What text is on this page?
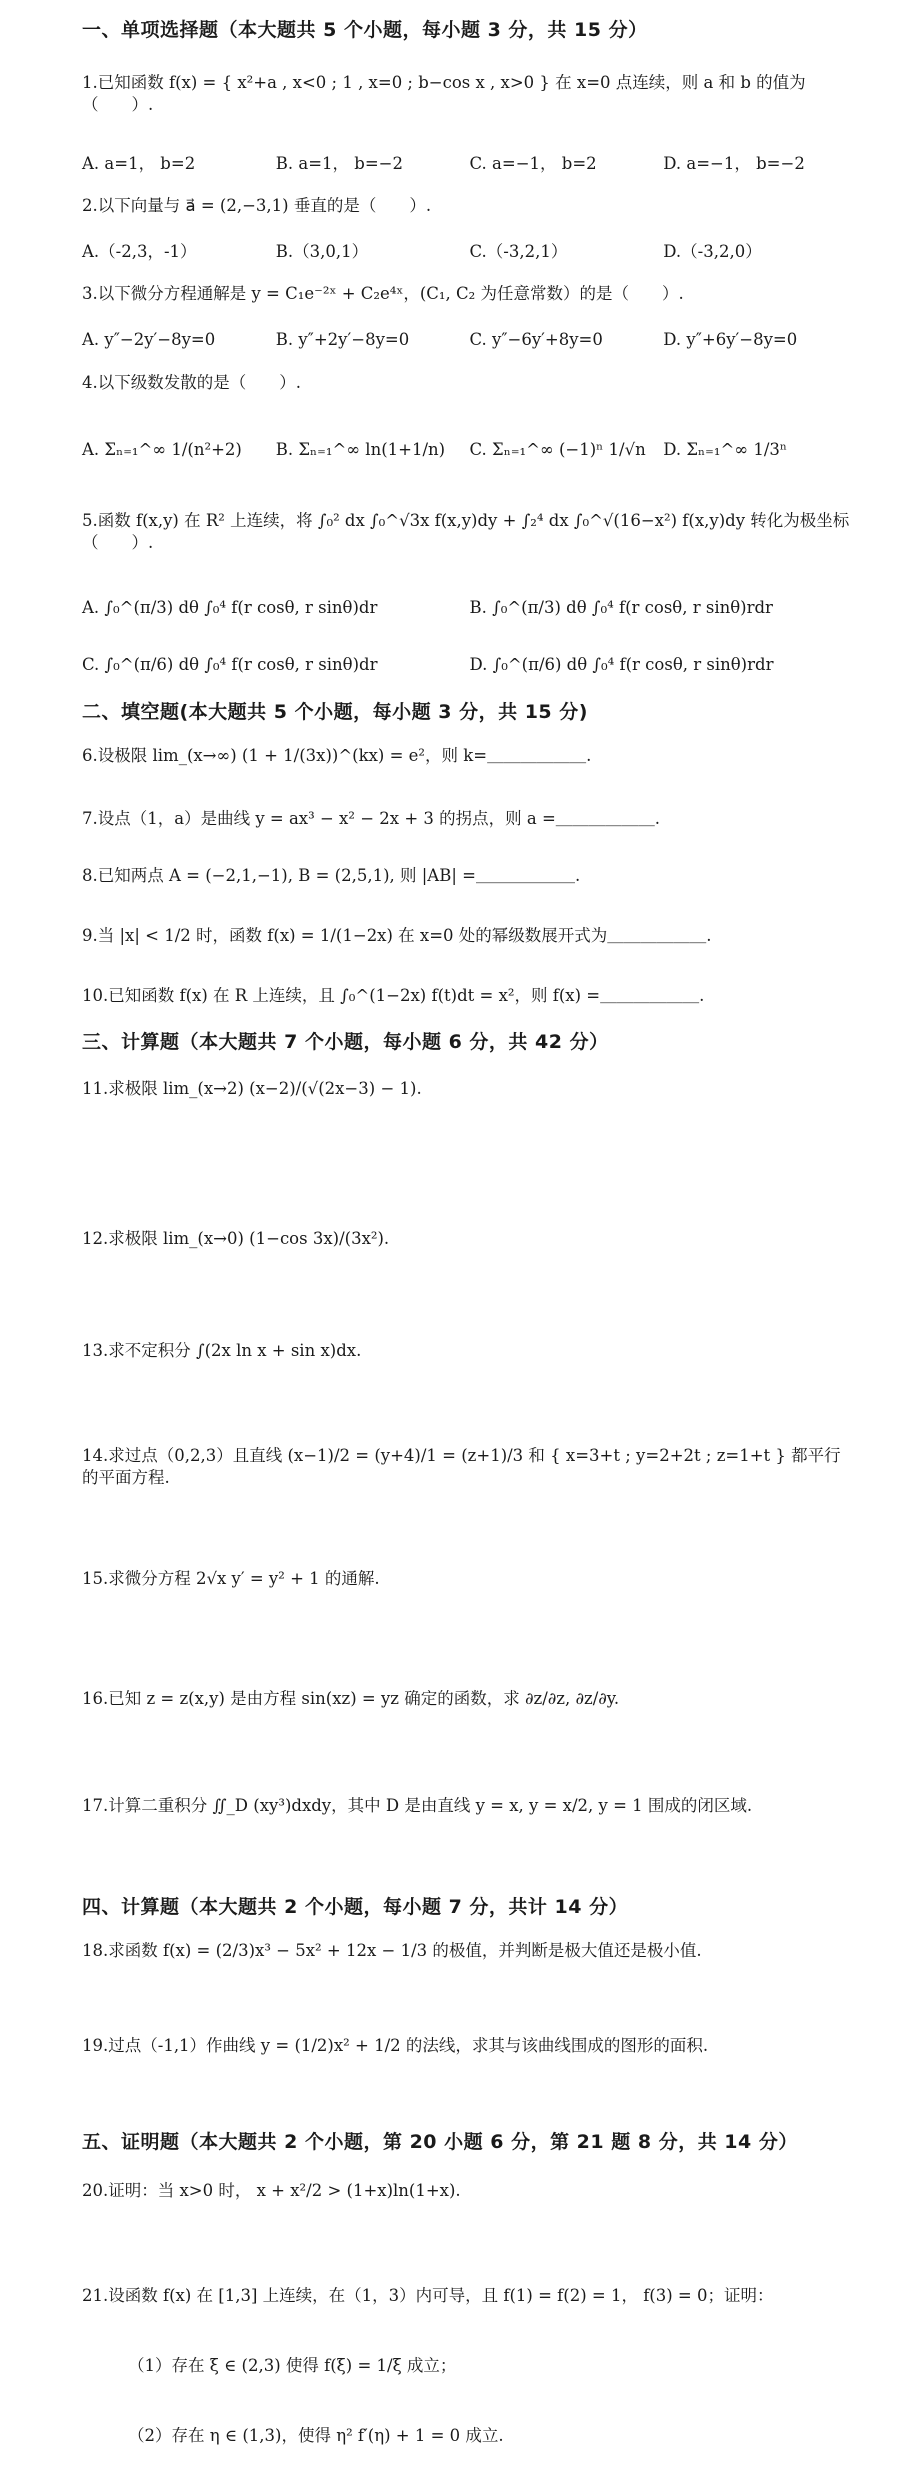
一、单项选择题（本大题共 5 个小题，每小题 3 分，共 15 分）
1.已知函数 f(x) = { x²+a , x<0 ; 1 , x=0 ; b−cos x , x>0 } 在 x=0 点连续，则 a 和 b 的值为（　　）.
A. a=1， b=2	B. a=1， b=−2	C. a=−1， b=2	D. a=−1， b=−2
2.以下向量与 a⃗ = (2,−3,1) 垂直的是（　　）.
A.（-2,3，-1）	B.（3,0,1）	C.（-3,2,1）	D.（-3,2,0）
3.以下微分方程通解是 y = C₁e⁻²ˣ + C₂e⁴ˣ，(C₁, C₂ 为任意常数）的是（　　）.
A. y″−2y′−8y=0	B. y″+2y′−8y=0	C. y″−6y′+8y=0	D. y″+6y′−8y=0
4.以下级数发散的是（　　）.
A. Σₙ₌₁^∞ 1/(n²+2)	B. Σₙ₌₁^∞ ln(1+1/n)	C. Σₙ₌₁^∞ (−1)ⁿ 1/√n	D. Σₙ₌₁^∞ 1/3ⁿ
5.函数 f(x,y) 在 R² 上连续，将 ∫₀² dx ∫₀^√3x f(x,y)dy + ∫₂⁴ dx ∫₀^√(16−x²) f(x,y)dy 转化为极坐标（　　）.
A. ∫₀^(π/3) dθ ∫₀⁴ f(r cosθ, r sinθ)dr	B. ∫₀^(π/3) dθ ∫₀⁴ f(r cosθ, r sinθ)rdr
C. ∫₀^(π/6) dθ ∫₀⁴ f(r cosθ, r sinθ)dr	D. ∫₀^(π/6) dθ ∫₀⁴ f(r cosθ, r sinθ)rdr
二、填空题(本大题共 5 个小题，每小题 3 分，共 15 分)
6.设极限 lim_(x→∞) (1 + 1/(3x))^(kx) = e²，则 k=＿＿＿＿＿＿.
7.设点（1，a）是曲线 y = ax³ − x² − 2x + 3 的拐点，则 a =＿＿＿＿＿＿.
8.已知两点 A = (−2,1,−1), B = (2,5,1), 则 |AB| =＿＿＿＿＿＿.
9.当 |x| < 1/2 时，函数 f(x) = 1/(1−2x) 在 x=0 处的幂级数展开式为＿＿＿＿＿＿.
10.已知函数 f(x) 在 R 上连续，且 ∫₀^(1−2x) f(t)dt = x²，则 f(x) =＿＿＿＿＿＿.
三、计算题（本大题共 7 个小题，每小题 6 分，共 42 分）
11.求极限 lim_(x→2) (x−2)/(√(2x−3) − 1).
12.求极限 lim_(x→0) (1−cos 3x)/(3x²).
13.求不定积分 ∫(2x ln x + sin x)dx.
14.求过点（0,2,3）且直线 (x−1)/2 = (y+4)/1 = (z+1)/3 和 { x=3+t ; y=2+2t ; z=1+t } 都平行的平面方程.
15.求微分方程 2√x y′ = y² + 1 的通解.
16.已知 z = z(x,y) 是由方程 sin(xz) = yz 确定的函数，求 ∂z/∂z, ∂z/∂y.
17.计算二重积分 ∬_D (xy³)dxdy，其中 D 是由直线 y = x, y = x/2, y = 1 围成的闭区域.
四、计算题（本大题共 2 个小题，每小题 7 分，共计 14 分）
18.求函数 f(x) = (2/3)x³ − 5x² + 12x − 1/3 的极值，并判断是极大值还是极小值.
19.过点（-1,1）作曲线 y = (1/2)x² + 1/2 的法线，求其与该曲线围成的图形的面积.
五、证明题（本大题共 2 个小题，第 20 小题 6 分，第 21 题 8 分，共 14 分）
20.证明：当 x>0 时， x + x²/2 > (1+x)ln(1+x).
21.设函数 f(x) 在 [1,3] 上连续，在（1，3）内可导，且 f(1) = f(2) = 1， f(3) = 0；证明：
（1）存在 ξ ∈ (2,3) 使得 f(ξ) = 1/ξ 成立；
（2）存在 η ∈ (1,3)，使得 η² f′(η) + 1 = 0 成立.
